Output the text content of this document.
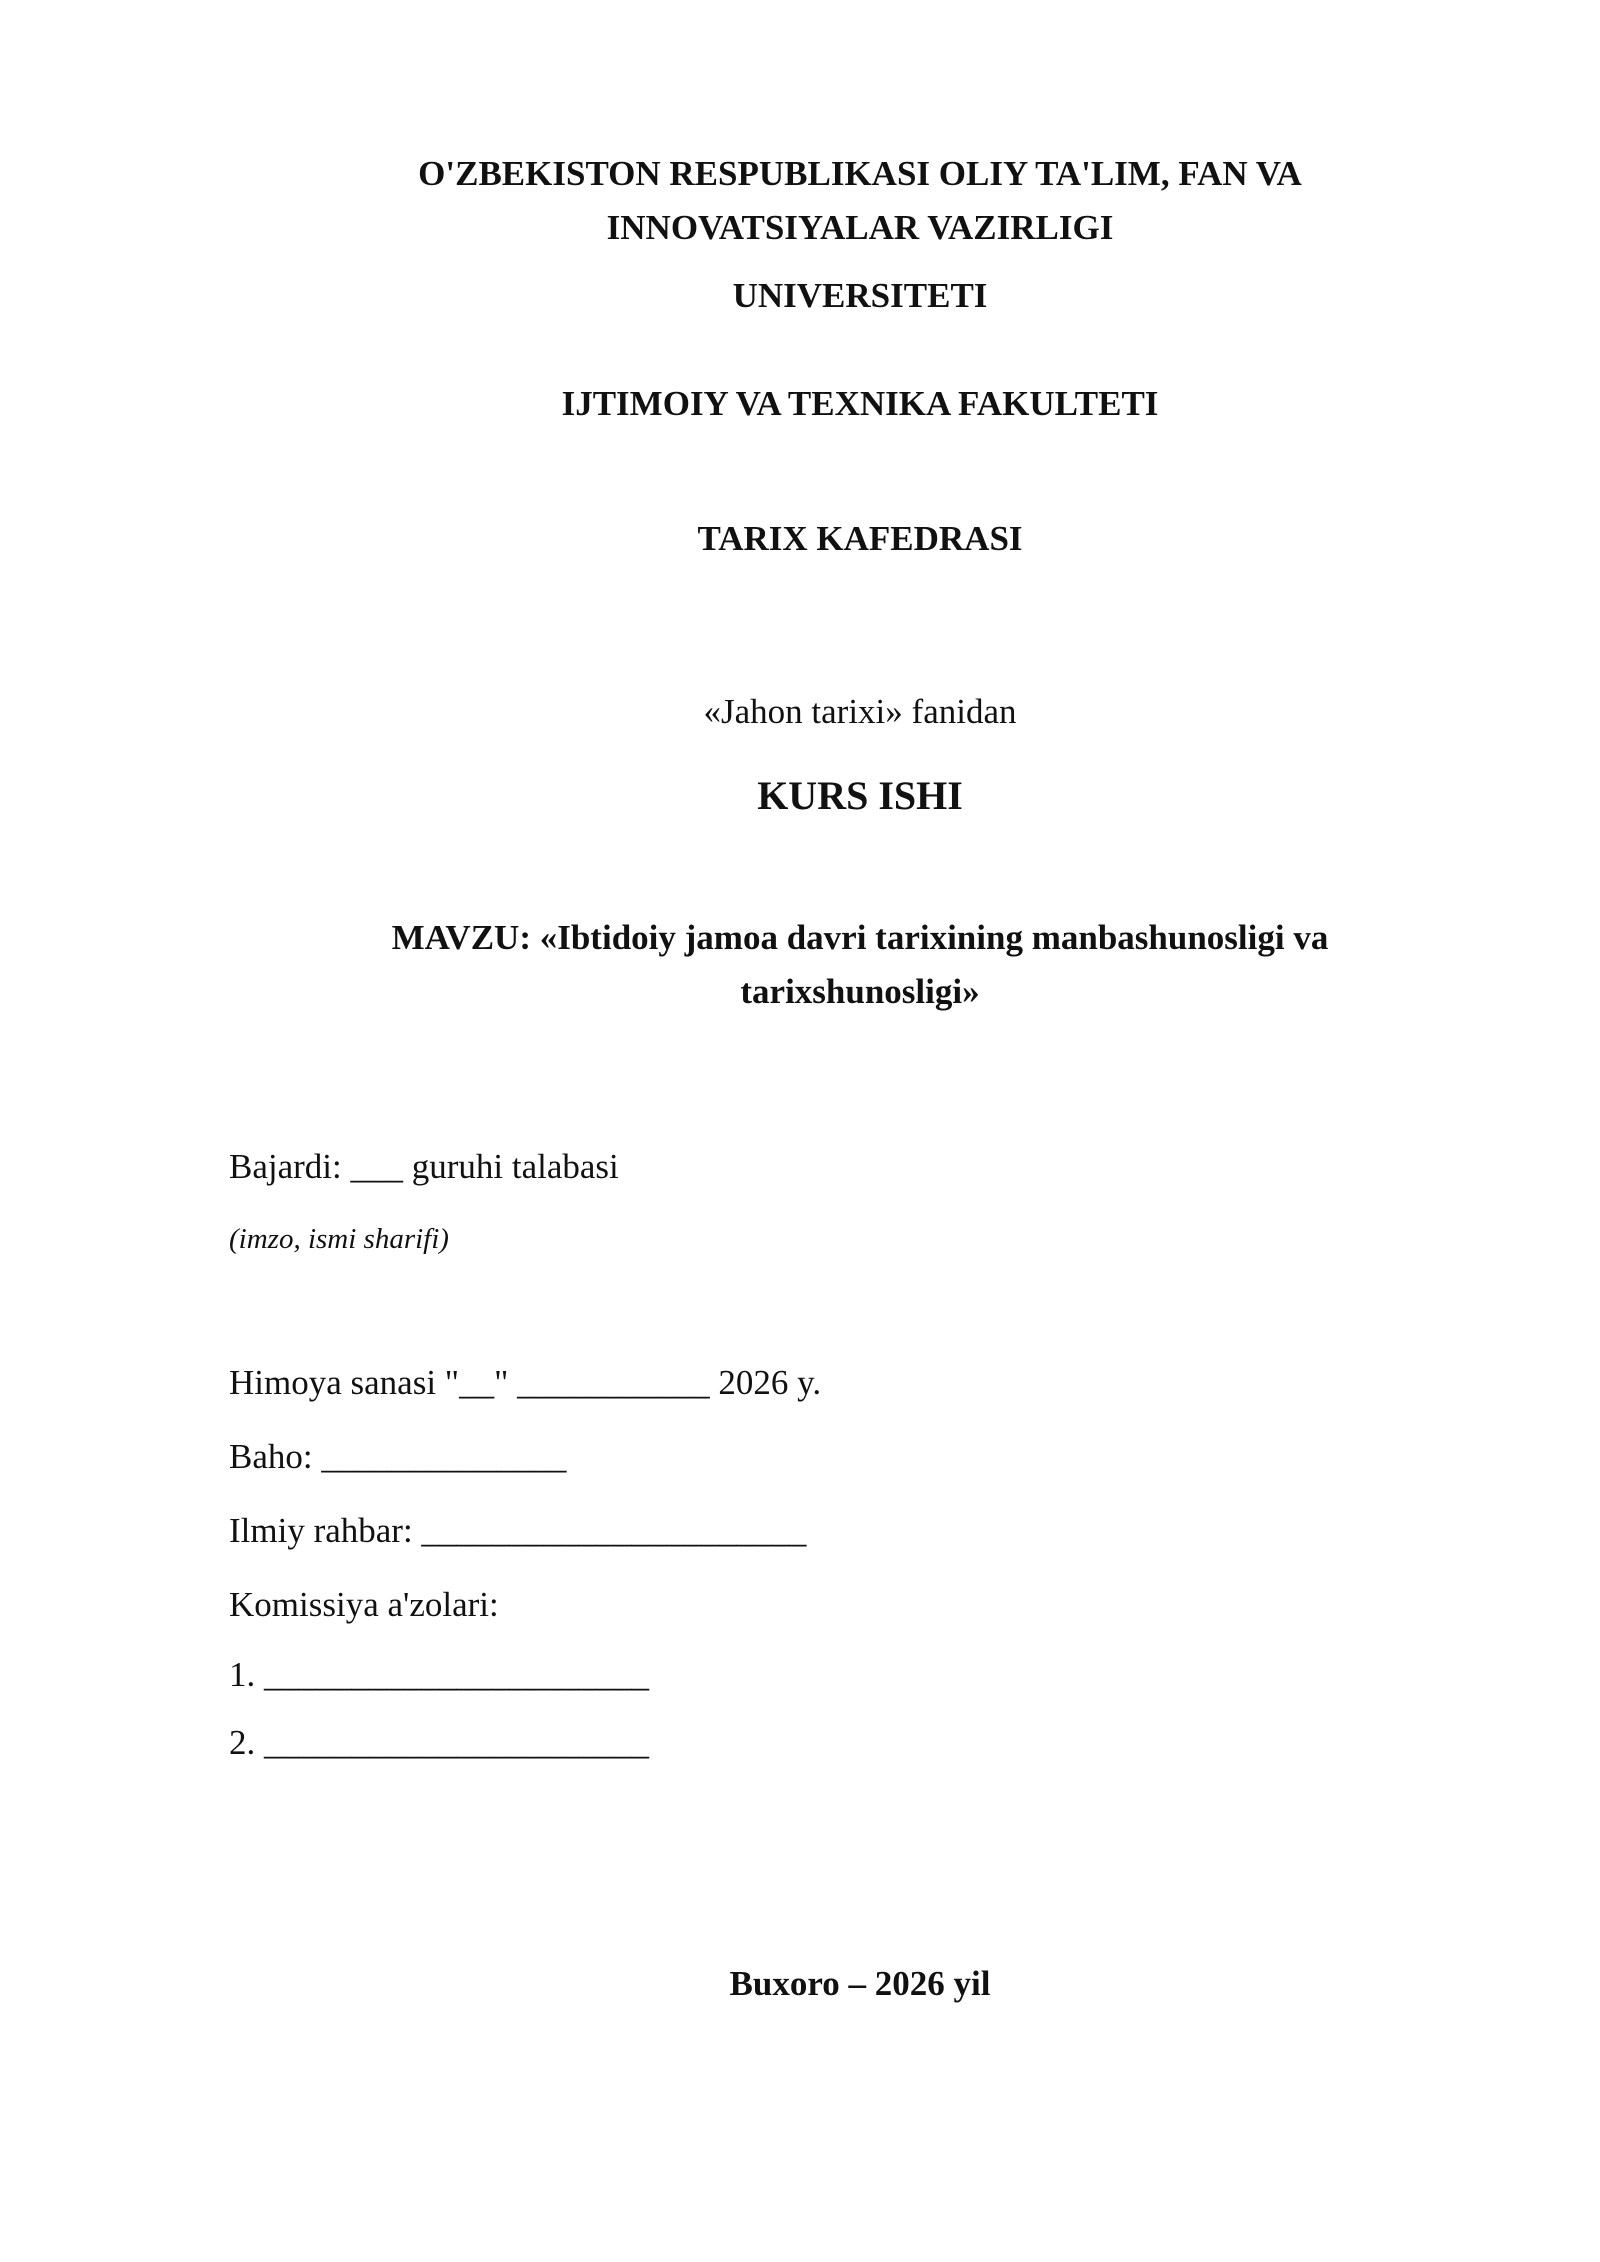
O'ZBEKISTON RESPUBLIKASI OLIY TA'LIM, FAN VA
INNOVATSIYALAR VAZIRLIGI
UNIVERSITETI
IJTIMOIY VA TEXNIKA FAKULTETI
TARIX KAFEDRASI
«Jahon tarixi» fanidan
KURS ISHI
MAVZU: «Ibtidoiy jamoa davri tarixining manbashunosligi va
tarixshunosligi»
Bajardi: ___ guruhi talabasi
(imzo, ismi sharifi)
Himoya sanasi "__" ___________ 2026 y.
Baho: ______________
Ilmiy rahbar: ______________________
Komissiya a'zolari:
1. ______________________
2. ______________________
Buxoro – 2026 yil
